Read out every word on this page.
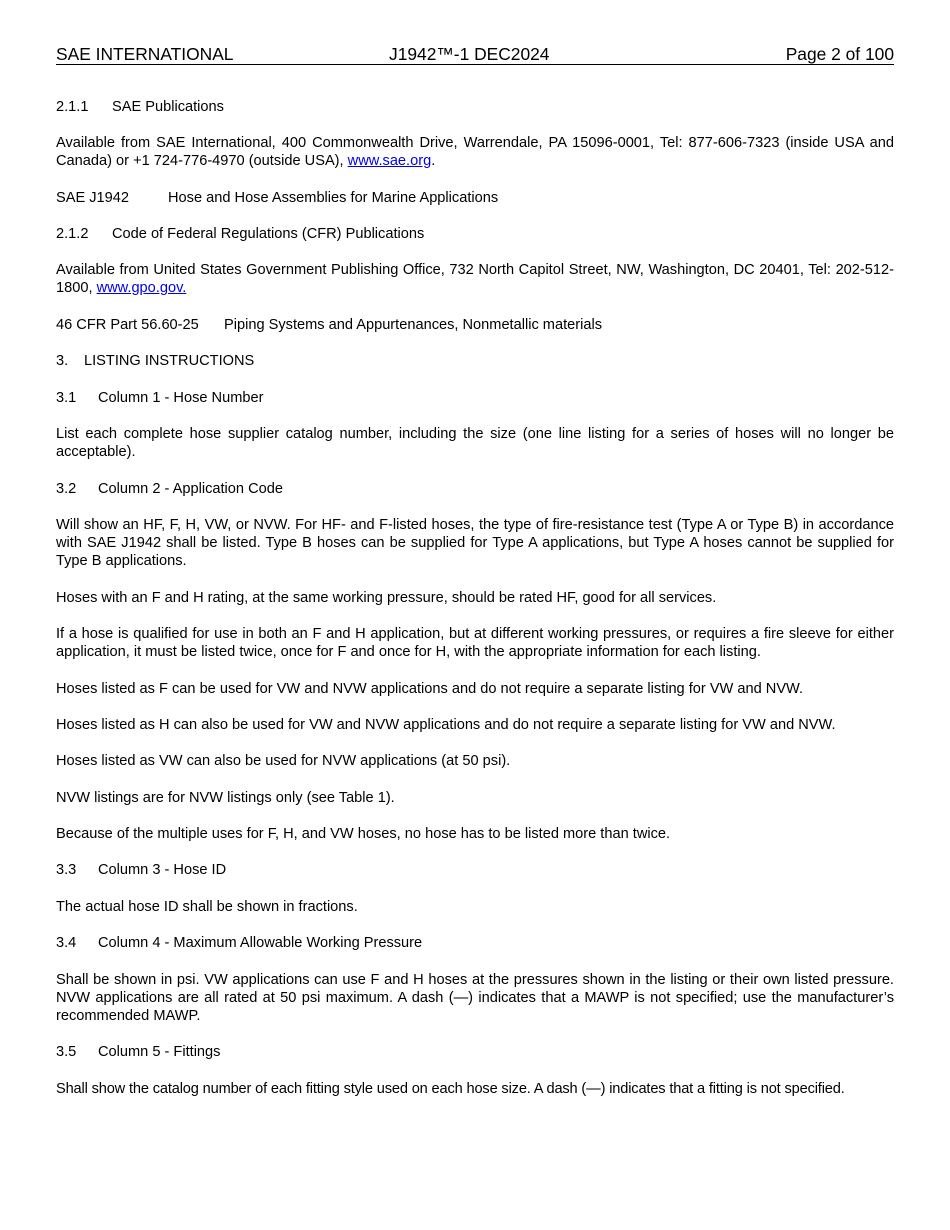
SAE INTERNATIONAL	J1942™-1 DEC2024	Page 2 of 100
2.1.1 SAE Publications
Available from SAE International, 400 Commonwealth Drive, Warrendale, PA 15096-0001, Tel: 877-606-7323 (inside USA and Canada) or +1 724-776-4970 (outside USA), www.sae.org.
SAE J1942	Hose and Hose Assemblies for Marine Applications
2.1.2 Code of Federal Regulations (CFR) Publications
Available from United States Government Publishing Office, 732 North Capitol Street, NW, Washington, DC 20401, Tel: 202-512-1800, www.gpo.gov.
46 CFR Part 56.60-25 Piping Systems and Appurtenances, Nonmetallic materials
3. LISTING INSTRUCTIONS
3.1 Column 1 - Hose Number
List each complete hose supplier catalog number, including the size (one line listing for a series of hoses will no longer be acceptable).
3.2 Column 2 - Application Code
Will show an HF, F, H, VW, or NVW. For HF- and F-listed hoses, the type of fire-resistance test (Type A or Type B) in accordance with SAE J1942 shall be listed. Type B hoses can be supplied for Type A applications, but Type A hoses cannot be supplied for Type B applications.
Hoses with an F and H rating, at the same working pressure, should be rated HF, good for all services.
If a hose is qualified for use in both an F and H application, but at different working pressures, or requires a fire sleeve for either application, it must be listed twice, once for F and once for H, with the appropriate information for each listing.
Hoses listed as F can be used for VW and NVW applications and do not require a separate listing for VW and NVW.
Hoses listed as H can also be used for VW and NVW applications and do not require a separate listing for VW and NVW.
Hoses listed as VW can also be used for NVW applications (at 50 psi).
NVW listings are for NVW listings only (see Table 1).
Because of the multiple uses for F, H, and VW hoses, no hose has to be listed more than twice.
3.3 Column 3 - Hose ID
The actual hose ID shall be shown in fractions.
3.4 Column 4 - Maximum Allowable Working Pressure
Shall be shown in psi. VW applications can use F and H hoses at the pressures shown in the listing or their own listed pressure. NVW applications are all rated at 50 psi maximum. A dash (—) indicates that a MAWP is not specified; use the manufacturer’s recommended MAWP.
3.5 Column 5 - Fittings
Shall show the catalog number of each fitting style used on each hose size. A dash (—) indicates that a fitting is not specified.
